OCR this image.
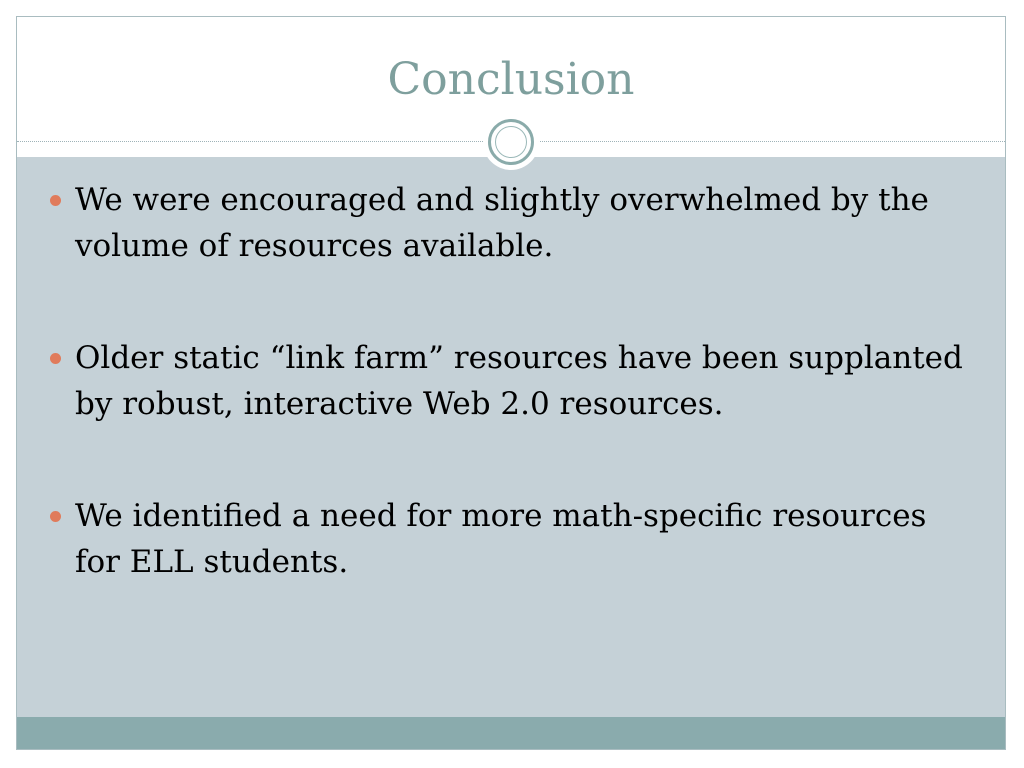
Conclusion
We were encouraged and slightly overwhelmed by the volume of resources available.
Older static “link farm” resources have been supplanted by robust, interactive Web 2.0 resources.
We identified a need for more math-specific resources for ELL students.
